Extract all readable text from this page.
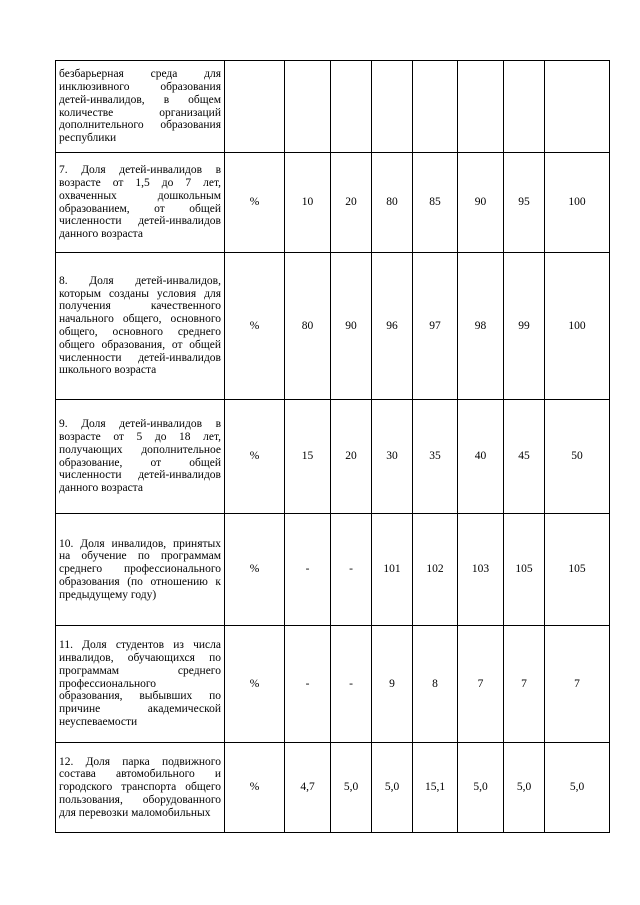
безбарьерная среда для инклюзивного образования детей-инвалидов, в общем количестве организаций дополнительного образования республики								
7. Доля детей-инвалидов в возрасте от 1,5 до 7 лет, охваченных дошкольным образованием, от общей численности детей-инвалидов данного возраста	%	10	20	80	85	90	95	100
8. Доля детей-инвалидов, которым созданы условия для получения качественного начального общего, основного общего, основного среднего общего образования, от общей численности детей-инвалидов школьного возраста	%	80	90	96	97	98	99	100
9. Доля детей-инвалидов в возрасте от 5 до 18 лет, получающих дополнительное образование, от общей численности детей-инвалидов данного возраста	%	15	20	30	35	40	45	50
10. Доля инвалидов, принятых на обучение по программам среднего профессионального образования (по отношению к предыдущему году)	%	-	-	101	102	103	105	105
11. Доля студентов из числа инвалидов, обучающихся по программам среднего профессионального образования, выбывших по причине академической неуспеваемости	%	-	-	9	8	7	7	7
12. Доля парка подвижного состава автомобильного и городского транспорта общего пользования, оборудованного для перевозки маломобильных	%	4,7	5,0	5,0	15,1	5,0	5,0	5,0
